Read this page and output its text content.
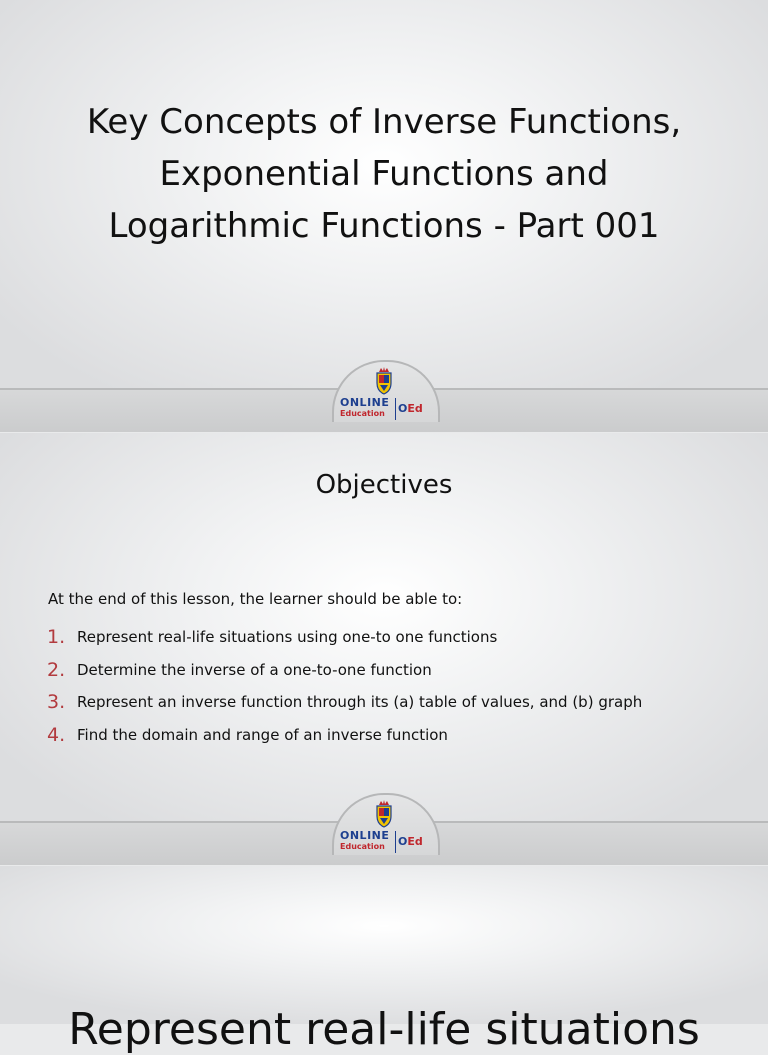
Key Concepts of Inverse Functions,
Exponential Functions and
Logarithmic Functions - Part 001
ONLINE
Education	OEd
Objectives
At the end of this lesson, the learner should be able to:
1. Represent real-life situations using one-to one functions
2. Determine the inverse of a one-to-one function
3. Represent an inverse function through its (a) table of values, and (b) graph
4. Find the domain and range of an inverse function
ONLINE
Education	OEd
Represent real-life situations
